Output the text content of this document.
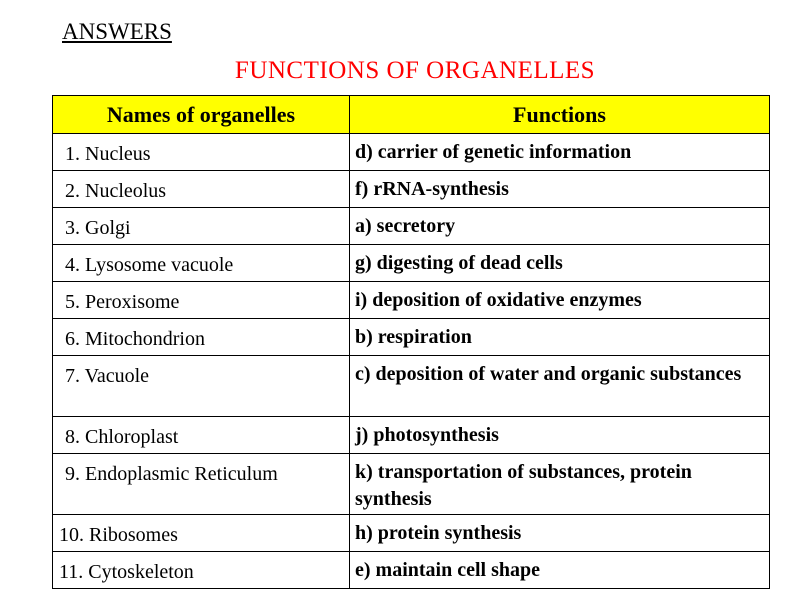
ANSWERS
FUNCTIONS OF ORGANELLES
Names of organelles	Functions
1. Nucleus	d) carrier of genetic information
2. Nucleolus	f) rRNA-synthesis
3. Golgi	a) secretory
4. Lysosome vacuole	g) digesting of dead cells
5. Peroxisome	i) deposition of oxidative enzymes
6. Mitochondrion	b) respiration
7. Vacuole	c) deposition of water and organic substances
8. Chloroplast	j) photosynthesis
9. Endoplasmic Reticulum	k) transportation of substances, protein synthesis
10. Ribosomes	h) protein synthesis
11. Cytoskeleton	e) maintain cell shape
